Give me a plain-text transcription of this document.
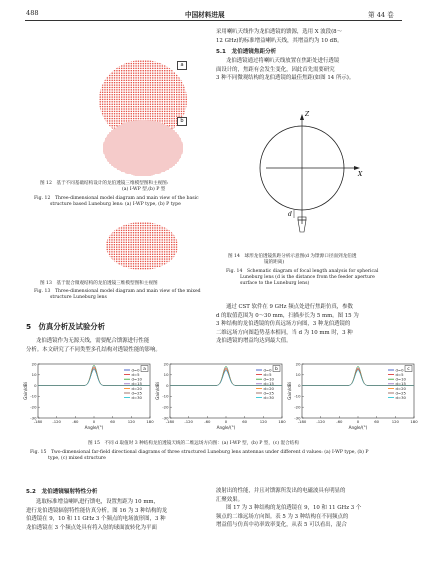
488	中国材料进展	第 44 卷
a
b
图 12　基于不同基础结构设计的龙伯透镜三维模型图和主视图:
(a) I-WP 型,(b) P 型
Fig. 12　Three-dimensional model diagram and main view of the basic
structure based Luneburg lens: (a) I-WP type, (b) P type
图 13　基于混合微观结构的龙伯透镜三维模型图和主视图
Fig. 13　Three-dimensional model diagram and main view of the mixed
structure Luneburg lens
5　仿真分析及试验分析
龙伯透镜作为无源天线，需要配合馈源进行性能
分析。本文研究了不同类型多孔结构对透镜性能的影响。
采用喇叭天线作为龙伯透镜的馈源，选用 X 波段(8～
12 GHz)的标准增益喇叭天线，其增益约为 10 dB。
5.1　龙伯透镜焦距分析
龙伯透镜通过将喇叭天线放置在焦距处进行透镜
面设计的，焦距有会发生变化，因此首先需要研究
3 种不同微观结构的龙伯透镜的最佳焦距(如图 14 所示)。
Z
X
d
图 14　球形龙伯透镜焦距分析示意图(d 为馈源口径面到龙伯透
镜的距离)
Fig. 14　Schematic diagram of focal length analysis for spherical
Luneburg lens (d is the distance from the feeder aperture
surface to the Luneburg lens)
通过 CST 软件在 9 GHz 频点处进行焦距仿真，参数
d 的取值范围为 0～30 mm，扫描步长为 5 mm。图 15 为
3 种结构的龙伯透镜的仿真远场方向图，3 种龙伯透镜的
二维远场方向图趋势基本相同，当 d 为 10 mm 时，3 种
龙伯透镜的增益均达到最大值。
20
10
0
-10
-20
-30
-180	-120	-60	0	60	120	180
Angle/(°)
Gain/dBi
d=0
d=5
d=10
d=15
d=20
d=25
d=30
a
20
10
0
-10
-20
-30
-180	-120	-60	0	60	120	180
Angle/(°)
Gain/dBi
d=0
d=5
d=10
d=15
d=20
d=25
d=30
b
20
10
0
-10
-20
-30
-180	-120	-60	0	60	120	180
Angle/(°)
Gain/dBi
d=0
d=5
d=10
d=15
d=20
d=25
d=30
c
图 15　不同 d 取值时 3 种结构龙伯透镜天线的二维远场方向图：(a) I-WP 型，(b) P 型，(c) 混合结构
Fig. 15　Two-dimensional far-field directional diagrams of three structured Luneburg lens antennas under different d values: (a) I-WP type, (b) P
type, (c) mixed structure
5.2　龙伯透镜辐射特性分析
选取标准增益喇叭进行馈电，设置焦距为 10 mm，
进行龙伯透镜辐射特性能仿真分析。图 16 为 3 种结构的龙
伯透镜在 9，10 和 11 GHz 3 个频点的电场波形图，3 种
龙伯透镜在 3 个频点处具有将入射的球面波转化为平面
波射出的性能，并且对馈源所发出的电磁波具有明显的
汇聚效果。
图 17 为 3 种结构的龙伯透镜在 9，10 和 11 GHz 3 个
频点的二维远场方向图。表 5 为 3 种结构在不同频点的
增益值与仿真中功率效率变化，从表 5 可以看出，混合
